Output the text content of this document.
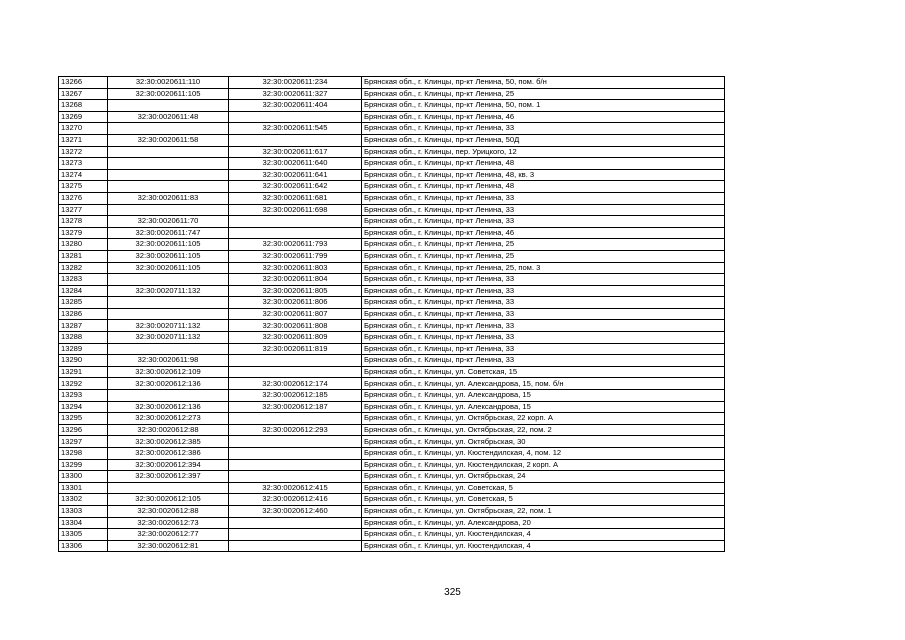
13266	32:30:0020611:110	32:30:0020611:234	Брянская обл., г. Клинцы, пр-кт Ленина, 50, пом. б/н
13267	32:30:0020611:105	32:30:0020611:327	Брянская обл., г. Клинцы, пр-кт Ленина, 25
13268		32:30:0020611:404	Брянская обл., г. Клинцы, пр-кт Ленина, 50, пом. 1
13269	32:30:0020611:48		Брянская обл., г. Клинцы, пр-кт Ленина, 46
13270		32:30:0020611:545	Брянская обл., г. Клинцы, пр-кт Ленина, 33
13271	32:30:0020611:58		Брянская обл., г. Клинцы, пр-кт Ленина, 50Д
13272		32:30:0020611:617	Брянская обл., г. Клинцы, пер. Урицкого, 12
13273		32:30:0020611:640	Брянская обл., г. Клинцы, пр-кт Ленина, 48
13274		32:30:0020611:641	Брянская обл., г. Клинцы, пр-кт Ленина, 48, кв. 3
13275		32:30:0020611:642	Брянская обл., г. Клинцы, пр-кт Ленина, 48
13276	32:30:0020611:83	32:30:0020611:681	Брянская обл., г. Клинцы, пр-кт Ленина, 33
13277		32:30:0020611:698	Брянская обл., г. Клинцы, пр-кт Ленина, 33
13278	32:30:0020611:70		Брянская обл., г. Клинцы, пр-кт Ленина, 33
13279	32:30:0020611:747		Брянская обл., г. Клинцы, пр-кт Ленина, 46
13280	32:30:0020611:105	32:30:0020611:793	Брянская обл., г. Клинцы, пр-кт Ленина, 25
13281	32:30:0020611:105	32:30:0020611:799	Брянская обл., г. Клинцы, пр-кт Ленина, 25
13282	32:30:0020611:105	32:30:0020611:803	Брянская обл., г. Клинцы, пр-кт Ленина, 25, пом. 3
13283		32:30:0020611:804	Брянская обл., г. Клинцы, пр-кт Ленина, 33
13284	32:30:0020711:132	32:30:0020611:805	Брянская обл., г. Клинцы, пр-кт Ленина, 33
13285		32:30:0020611:806	Брянская обл., г. Клинцы, пр-кт Ленина, 33
13286		32:30:0020611:807	Брянская обл., г. Клинцы, пр-кт Ленина, 33
13287	32:30:0020711:132	32:30:0020611:808	Брянская обл., г. Клинцы, пр-кт Ленина, 33
13288	32:30:0020711:132	32:30:0020611:809	Брянская обл., г. Клинцы, пр-кт Ленина, 33
13289		32:30:0020611:819	Брянская обл., г. Клинцы, пр-кт Ленина, 33
13290	32:30:0020611:98		Брянская обл., г. Клинцы, пр-кт Ленина, 33
13291	32:30:0020612:109		Брянская обл., г. Клинцы, ул. Советская, 15
13292	32:30:0020612:136	32:30:0020612:174	Брянская обл., г. Клинцы, ул. Александрова, 15, пом. б/н
13293		32:30:0020612:185	Брянская обл., г. Клинцы, ул. Александрова, 15
13294	32:30:0020612:136	32:30:0020612:187	Брянская обл., г. Клинцы, ул. Александрова, 15
13295	32:30:0020612:273		Брянская обл., г. Клинцы, ул. Октябрьская, 22 корп. А
13296	32:30:0020612:88	32:30:0020612:293	Брянская обл., г. Клинцы, ул. Октябрьская, 22, пом. 2
13297	32:30:0020612:385		Брянская обл., г. Клинцы, ул. Октябрьская, 30
13298	32:30:0020612:386		Брянская обл., г. Клинцы, ул. Кюстендилская, 4, пом. 12
13299	32:30:0020612:394		Брянская обл., г. Клинцы, ул. Кюстендилская, 2 корп. А
13300	32:30:0020612:397		Брянская обл., г. Клинцы, ул. Октябрьская, 24
13301		32:30:0020612:415	Брянская обл., г. Клинцы, ул. Советская, 5
13302	32:30:0020612:105	32:30:0020612:416	Брянская обл., г. Клинцы, ул. Советская, 5
13303	32:30:0020612:88	32:30:0020612:460	Брянская обл., г. Клинцы, ул. Октябрьская, 22, пом. 1
13304	32:30:0020612:73		Брянская обл., г. Клинцы, ул. Александрова, 20
13305	32:30:0020612:77		Брянская обл., г. Клинцы, ул. Кюстендилская, 4
13306	32:30:0020612:81		Брянская обл., г. Клинцы, ул. Кюстендилская, 4
325
